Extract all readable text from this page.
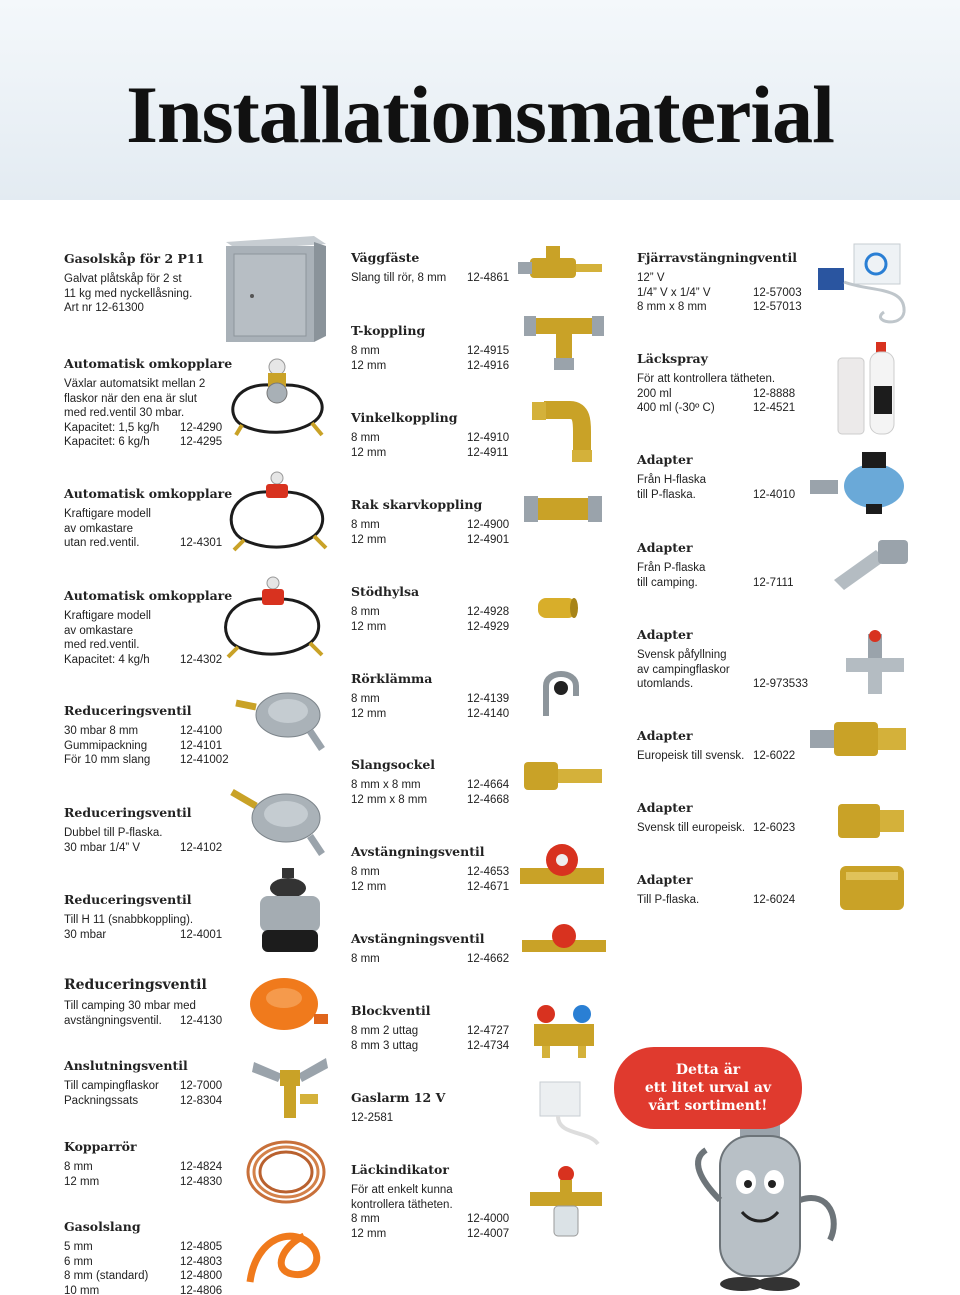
Installationsmaterial
Gasolskåp för 2 P11
Galvat plåtskåp för 2 st
11 kg med nyckellåsning.
Art nr 12-61300
Automatisk omkopplare
Växlar automatsikt mellan 2
flaskor när den ena är slut
med red.ventil 30 mbar.
Kapacitet: 1,5 kg/h 12-4290
Kapacitet: 6 kg/h	12-4295
Automatisk omkopplare
Kraftigare modell
av omkastare
utan red.ventil.	12-4301
Automatisk omkopplare
Kraftigare modell
av omkastare
med red.ventil.
Kapacitet: 4 kg/h	12-4302
Reduceringsventil
30 mbar 8 mm	12-4100
Gummipackning	12-4101
För 10 mm slang	12-41002
Reduceringsventil
Dubbel till P-flaska.
30 mbar 1/4” V	12-4102
Reduceringsventil
Till H 11 (snabbkoppling).
30 mbar	12-4001
Reduceringsventil
Till camping 30 mbar med
avstängningsventil. 12-4130
Anslutningsventil
Till campingflaskor 12-7000
Packningssats	12-8304
Kopparrör
8 mm	12-4824
12 mm	12-4830
Gasolslang
5 mm	12-4805
6 mm	12-4803
8 mm (standard)	12-4800
10 mm	12-4806
Väggfäste
Slang till rör, 8 mm 12-4861
T-koppling
8 mm	12-4915
12 mm	12-4916
Vinkelkoppling
8 mm	12-4910
12 mm	12-4911
Rak skarvkoppling
8 mm	12-4900
12 mm	12-4901
Stödhylsa
8 mm	12-4928
12 mm	12-4929
Rörklämma
8 mm	12-4139
12 mm	12-4140
Slangsockel
8 mm x 8 mm	12-4664
12 mm x 8 mm	12-4668
Avstängningsventil
8 mm	12-4653
12 mm	12-4671
Avstängningsventil
8 mm	12-4662
Blockventil
8 mm 2 uttag	12-4727
8 mm 3 uttag	12-4734
Gaslarm 12 V
12-2581
Läckindikator
För att enkelt kunna
kontrollera tätheten.
8 mm	12-4000
12 mm	12-4007
Fjärravstängningventil
12” V
1/4” V x 1/4” V	12-57003
8 mm x 8 mm	12-57013
Läckspray
För att kontrollera tätheten.
200 ml	12-8888
400 ml (-30º C)	12-4521
Adapter
Från H-flaska
till P-flaska.	12-4010
Adapter
Från P-flaska
till camping.	12-7111
Adapter
Svensk påfyllning
av campingflaskor
utomlands.	12-973533
Adapter
Europeisk till svensk. 12-6022
Adapter
Svensk till europeisk. 12-6023
Adapter
Till P-flaska.	12-6024
Detta är
ett litet urval av
vårt sortiment!
